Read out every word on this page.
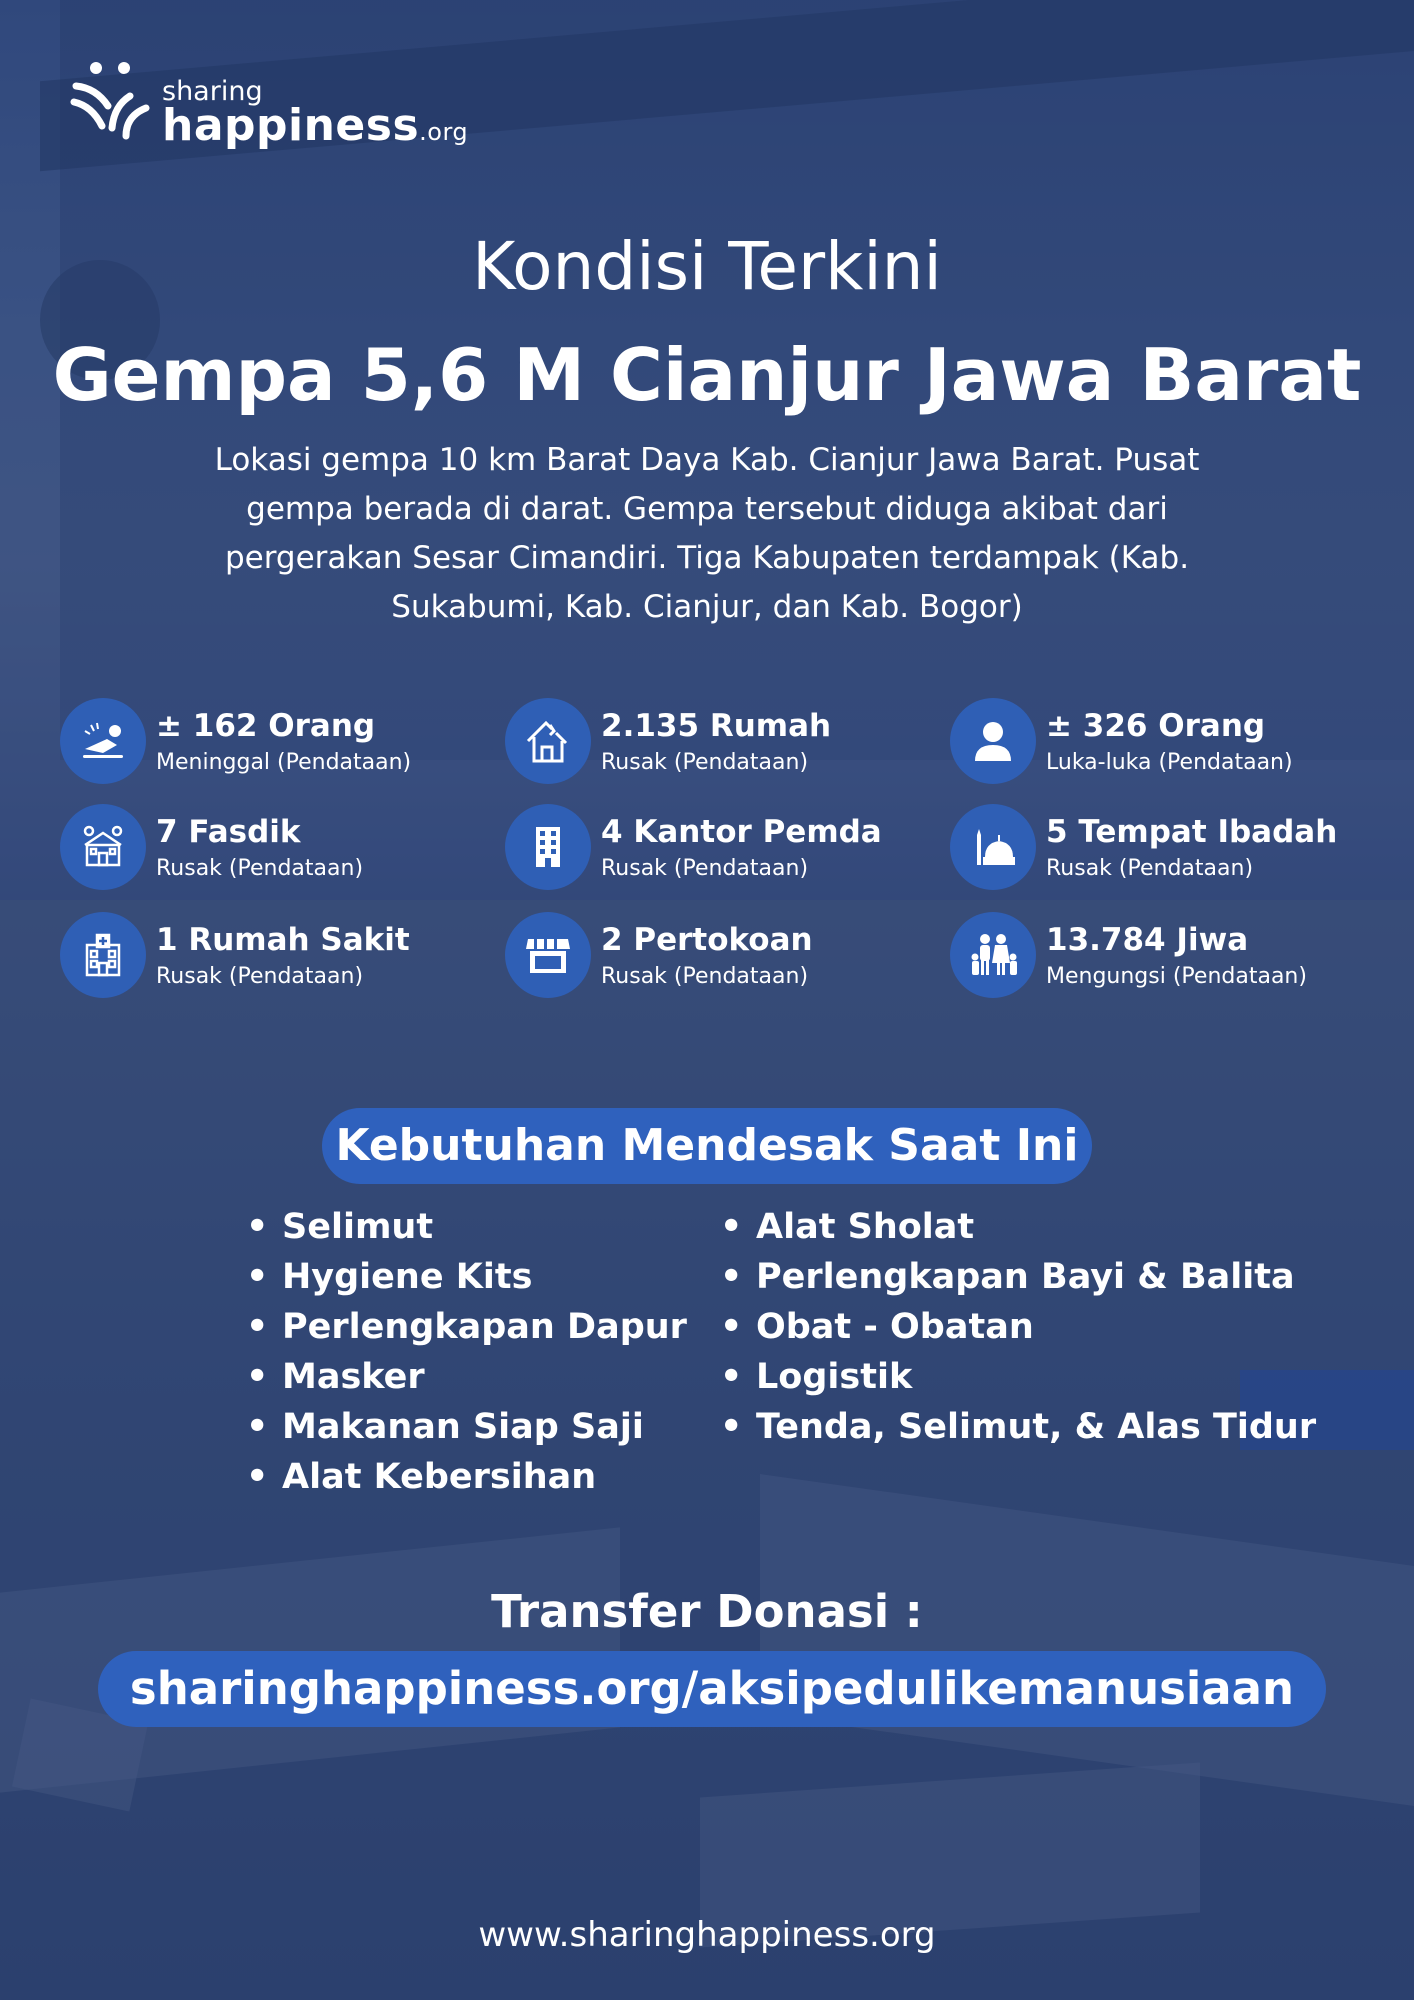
sharing
happiness.org
Kondisi Terkini
Gempa 5,6 M Cianjur Jawa Barat
Lokasi gempa 10 km Barat Daya Kab. Cianjur Jawa Barat. Pusat gempa berada di darat. Gempa tersebut diduga akibat dari pergerakan Sesar Cimandiri. Tiga Kabupaten terdampak (Kab. Sukabumi, Kab. Cianjur, dan Kab. Bogor)
± 162 Orang
Meninggal (Pendataan)
2.135 Rumah
Rusak (Pendataan)
± 326 Orang
Luka-luka (Pendataan)
7 Fasdik
Rusak (Pendataan)
4 Kantor Pemda
Rusak (Pendataan)
5 Tempat Ibadah
Rusak (Pendataan)
1 Rumah Sakit
Rusak (Pendataan)
2 Pertokoan
Rusak (Pendataan)
13.784 Jiwa
Mengungsi (Pendataan)
Kebutuhan Mendesak Saat Ini
• Selimut
• Hygiene Kits
• Perlengkapan Dapur
• Masker
• Makanan Siap Saji
• Alat Kebersihan
• Alat Sholat
• Perlengkapan Bayi & Balita
• Obat - Obatan
• Logistik
• Tenda, Selimut, & Alas Tidur
Transfer Donasi :
sharinghappiness.org/aksipedulikemanusiaan
www.sharinghappiness.org
